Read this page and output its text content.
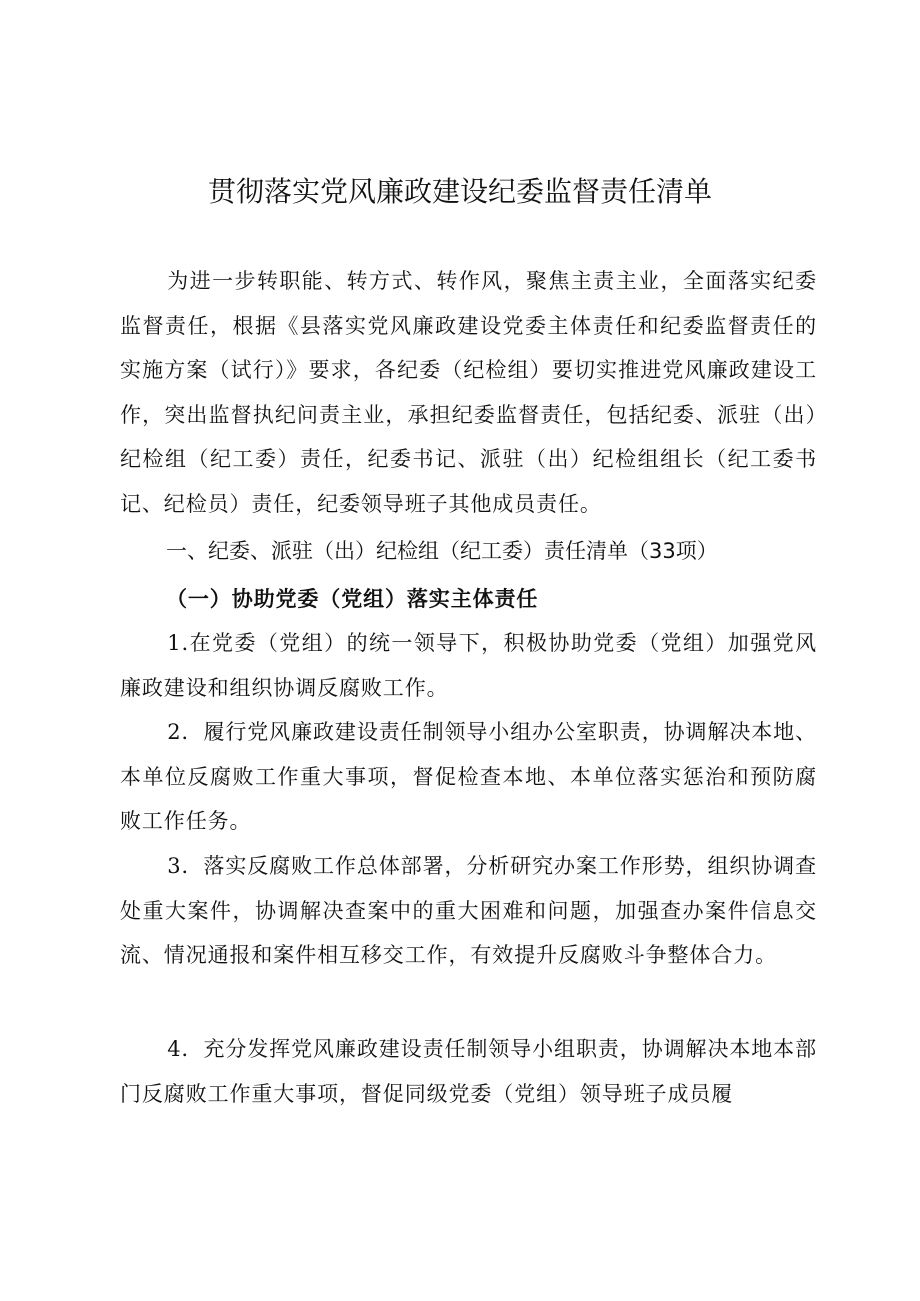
贯彻落实党风廉政建设纪委监督责任清单

为进一步转职能、转方式、转作风，聚焦主责主业，全面落实纪委监督责任，根据《县落实党风廉政建设党委主体责任和纪委监督责任的实施方案（试行）》要求，各纪委（纪检组）要切实推进党风廉政建设工作，突出监督执纪问责主业，承担纪委监督责任，包括纪委、派驻（出）纪检组（纪工委）责任，纪委书记、派驻（出）纪检组组长（纪工委书记、纪检员）责任，纪委领导班子其他成员责任。

一、纪委、派驻（出）纪检组（纪工委）责任清单（33项）

（一）协助党委（党组）落实主体责任

1.在党委（党组）的统一领导下，积极协助党委（党组）加强党风廉政建设和组织协调反腐败工作。

2．履行党风廉政建设责任制领导小组办公室职责，协调解决本地、本单位反腐败工作重大事项，督促检查本地、本单位落实惩治和预防腐败工作任务。

3．落实反腐败工作总体部署，分析研究办案工作形势，组织协调查处重大案件，协调解决查案中的重大困难和问题，加强查办案件信息交流、情况通报和案件相互移交工作，有效提升反腐败斗争整体合力。

4．充分发挥党风廉政建设责任制领导小组职责，协调解决本地本部门反腐败工作重大事项，督促同级党委（党组）领导班子成员履
